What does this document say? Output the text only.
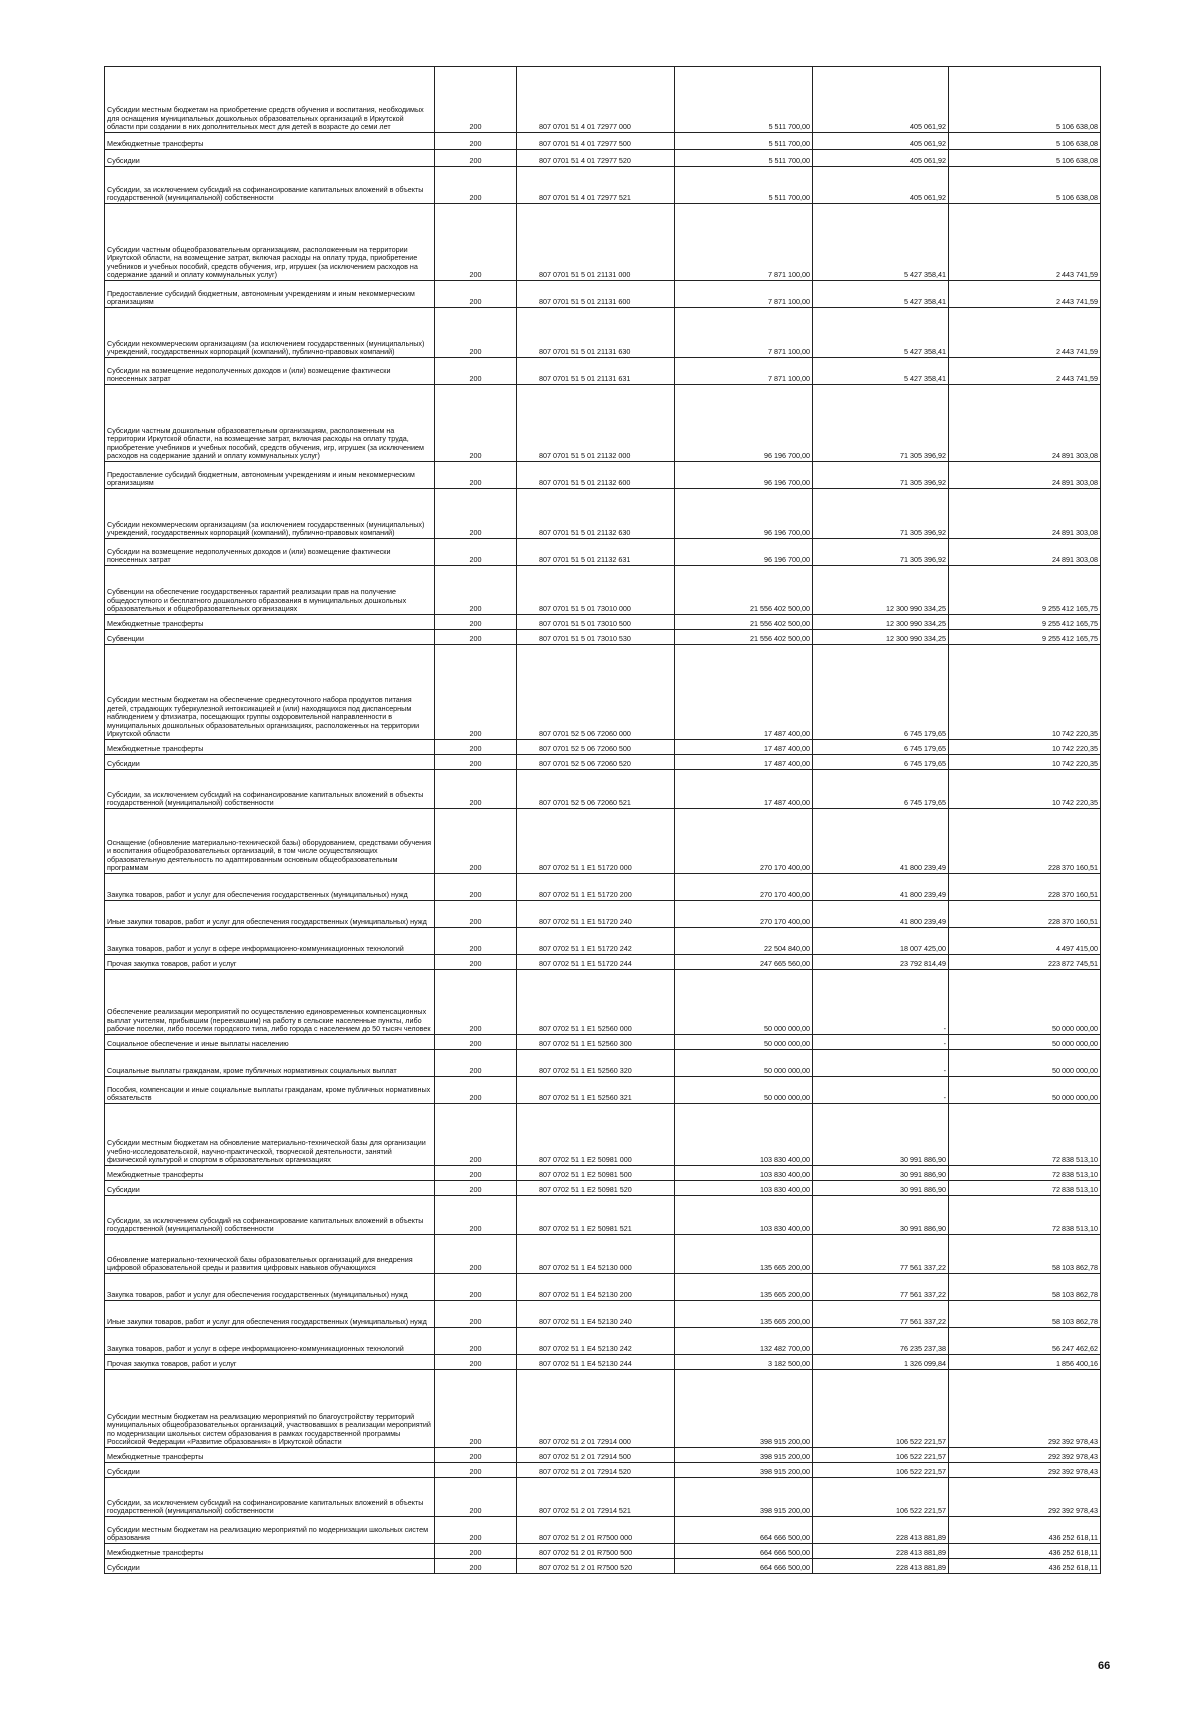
Субсидии местным бюджетам на приобретение средств обучения и воспитания, необходимых для оснащения муниципальных дошкольных образовательных организаций в Иркутской области при создании в них дополнительных мест для детей в возрасте до семи лет	200	807 0701 51 4 01 72977 000	5 511 700,00	405 061,92	5 106 638,08
Межбюджетные трансферты	200	807 0701 51 4 01 72977 500	5 511 700,00	405 061,92	5 106 638,08
Субсидии	200	807 0701 51 4 01 72977 520	5 511 700,00	405 061,92	5 106 638,08
Субсидии, за исключением субсидий на софинансирование капитальных вложений в объекты государственной (муниципальной) собственности	200	807 0701 51 4 01 72977 521	5 511 700,00	405 061,92	5 106 638,08
Субсидии частным общеобразовательным организациям, расположенным на территории Иркутской области, на возмещение затрат, включая расходы на оплату труда, приобретение учебников и учебных пособий, средств обучения, игр, игрушек (за исключением расходов на содержание зданий и оплату коммунальных услуг)	200	807 0701 51 5 01 21131 000	7 871 100,00	5 427 358,41	2 443 741,59
Предоставление субсидий бюджетным, автономным учреждениям и иным некоммерческим организациям	200	807 0701 51 5 01 21131 600	7 871 100,00	5 427 358,41	2 443 741,59
Субсидии некоммерческим организациям (за исключением государственных (муниципальных) учреждений, государственных корпораций (компаний), публично-правовых компаний)	200	807 0701 51 5 01 21131 630	7 871 100,00	5 427 358,41	2 443 741,59
Субсидии на возмещение недополученных доходов и (или) возмещение фактически понесенных затрат	200	807 0701 51 5 01 21131 631	7 871 100,00	5 427 358,41	2 443 741,59
Субсидии частным дошкольным образовательным организациям, расположенным на территории Иркутской области, на возмещение затрат, включая расходы на оплату труда, приобретение учебников и учебных пособий, средств обучения, игр, игрушек (за исключением расходов на содержание зданий и оплату коммунальных услуг)	200	807 0701 51 5 01 21132 000	96 196 700,00	71 305 396,92	24 891 303,08
Предоставление субсидий бюджетным, автономным учреждениям и иным некоммерческим организациям	200	807 0701 51 5 01 21132 600	96 196 700,00	71 305 396,92	24 891 303,08
Субсидии некоммерческим организациям (за исключением государственных (муниципальных) учреждений, государственных корпораций (компаний), публично-правовых компаний)	200	807 0701 51 5 01 21132 630	96 196 700,00	71 305 396,92	24 891 303,08
Субсидии на возмещение недополученных доходов и (или) возмещение фактически понесенных затрат	200	807 0701 51 5 01 21132 631	96 196 700,00	71 305 396,92	24 891 303,08
Субвенции на обеспечение государственных гарантий реализации прав на получение общедоступного и бесплатного дошкольного образования в муниципальных дошкольных образовательных и общеобразовательных организациях	200	807 0701 51 5 01 73010 000	21 556 402 500,00	12 300 990 334,25	9 255 412 165,75
Межбюджетные трансферты	200	807 0701 51 5 01 73010 500	21 556 402 500,00	12 300 990 334,25	9 255 412 165,75
Субвенции	200	807 0701 51 5 01 73010 530	21 556 402 500,00	12 300 990 334,25	9 255 412 165,75
Субсидии местным бюджетам на обеспечение среднесуточного набора продуктов питания детей, страдающих туберкулезной интоксикацией и (или) находящихся под диспансерным наблюдением у фтизиатра, посещающих группы оздоровительной направленности в муниципальных дошкольных образовательных организациях, расположенных на территории Иркутской области	200	807 0701 52 5 06 72060 000	17 487 400,00	6 745 179,65	10 742 220,35
Межбюджетные трансферты	200	807 0701 52 5 06 72060 500	17 487 400,00	6 745 179,65	10 742 220,35
Субсидии	200	807 0701 52 5 06 72060 520	17 487 400,00	6 745 179,65	10 742 220,35
Субсидии, за исключением субсидий на софинансирование капитальных вложений в объекты государственной (муниципальной) собственности	200	807 0701 52 5 06 72060 521	17 487 400,00	6 745 179,65	10 742 220,35
Оснащение (обновление материально-технической базы) оборудованием, средствами обучения и воспитания общеобразовательных организаций, в том числе осуществляющих образовательную деятельность по адаптированным основным общеобразовательным программам	200	807 0702 51 1 E1 51720 000	270 170 400,00	41 800 239,49	228 370 160,51
Закупка товаров, работ и услуг для обеспечения государственных (муниципальных) нужд	200	807 0702 51 1 E1 51720 200	270 170 400,00	41 800 239,49	228 370 160,51
Иные закупки товаров, работ и услуг для обеспечения государственных (муниципальных) нужд	200	807 0702 51 1 E1 51720 240	270 170 400,00	41 800 239,49	228 370 160,51
Закупка товаров, работ и услуг в сфере информационно-коммуникационных технологий	200	807 0702 51 1 E1 51720 242	22 504 840,00	18 007 425,00	4 497 415,00
Прочая закупка товаров, работ и услуг	200	807 0702 51 1 E1 51720 244	247 665 560,00	23 792 814,49	223 872 745,51
Обеспечение реализации мероприятий по осуществлению единовременных компенсационных выплат учителям, прибывшим (переехавшим) на работу в сельские населенные пункты, либо рабочие поселки, либо поселки городского типа, либо города с населением до 50 тысяч человек	200	807 0702 51 1 E1 52560 000	50 000 000,00	-	50 000 000,00
Социальное обеспечение и иные выплаты населению	200	807 0702 51 1 E1 52560 300	50 000 000,00	-	50 000 000,00
Социальные выплаты гражданам, кроме публичных нормативных социальных выплат	200	807 0702 51 1 E1 52560 320	50 000 000,00	-	50 000 000,00
Пособия, компенсации и иные социальные выплаты гражданам, кроме публичных нормативных обязательств	200	807 0702 51 1 E1 52560 321	50 000 000,00	-	50 000 000,00
Субсидии местным бюджетам на обновление материально-технической базы для организации учебно-исследовательской, научно-практической, творческой деятельности, занятий физической культурой и спортом в образовательных организациях	200	807 0702 51 1 E2 50981 000	103 830 400,00	30 991 886,90	72 838 513,10
Межбюджетные трансферты	200	807 0702 51 1 E2 50981 500	103 830 400,00	30 991 886,90	72 838 513,10
Субсидии	200	807 0702 51 1 E2 50981 520	103 830 400,00	30 991 886,90	72 838 513,10
Субсидии, за исключением субсидий на софинансирование капитальных вложений в объекты государственной (муниципальной) собственности	200	807 0702 51 1 E2 50981 521	103 830 400,00	30 991 886,90	72 838 513,10
Обновление материально-технической базы образовательных организаций для внедрения цифровой образовательной среды и развития цифровых навыков обучающихся	200	807 0702 51 1 E4 52130 000	135 665 200,00	77 561 337,22	58 103 862,78
Закупка товаров, работ и услуг для обеспечения государственных (муниципальных) нужд	200	807 0702 51 1 E4 52130 200	135 665 200,00	77 561 337,22	58 103 862,78
Иные закупки товаров, работ и услуг для обеспечения государственных (муниципальных) нужд	200	807 0702 51 1 E4 52130 240	135 665 200,00	77 561 337,22	58 103 862,78
Закупка товаров, работ и услуг в сфере информационно-коммуникационных технологий	200	807 0702 51 1 E4 52130 242	132 482 700,00	76 235 237,38	56 247 462,62
Прочая закупка товаров, работ и услуг	200	807 0702 51 1 E4 52130 244	3 182 500,00	1 326 099,84	1 856 400,16
Субсидии местным бюджетам на реализацию мероприятий по благоустройству территорий муниципальных общеобразовательных организаций, участвовавших в реализации мероприятий по модернизации школьных систем образования в рамках государственной программы Российской Федерации «Развитие образования» в Иркутской области	200	807 0702 51 2 01 72914 000	398 915 200,00	106 522 221,57	292 392 978,43
Межбюджетные трансферты	200	807 0702 51 2 01 72914 500	398 915 200,00	106 522 221,57	292 392 978,43
Субсидии	200	807 0702 51 2 01 72914 520	398 915 200,00	106 522 221,57	292 392 978,43
Субсидии, за исключением субсидий на софинансирование капитальных вложений в объекты государственной (муниципальной) собственности	200	807 0702 51 2 01 72914 521	398 915 200,00	106 522 221,57	292 392 978,43
Субсидии местным бюджетам на реализацию мероприятий по модернизации школьных систем образования	200	807 0702 51 2 01 R7500 000	664 666 500,00	228 413 881,89	436 252 618,11
Межбюджетные трансферты	200	807 0702 51 2 01 R7500 500	664 666 500,00	228 413 881,89	436 252 618,11
Субсидии	200	807 0702 51 2 01 R7500 520	664 666 500,00	228 413 881,89	436 252 618,11
66
